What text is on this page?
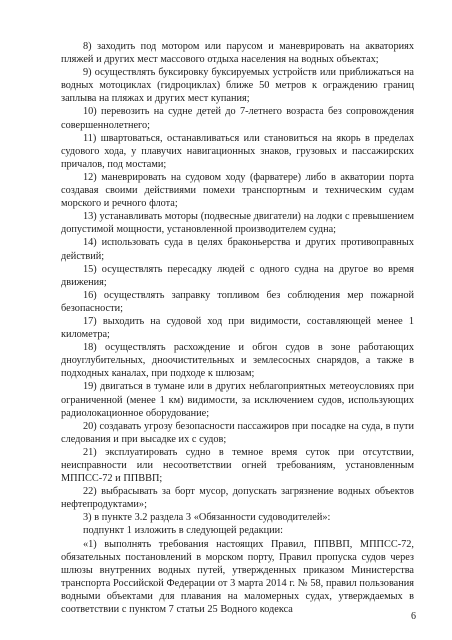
8) заходить под мотором или парусом и маневрировать на акваториях пляжей и других мест массового отдыха населения на водных объектах;

9) осуществлять буксировку буксируемых устройств или приближаться на водных мотоциклах (гидроциклах) ближе 50 метров к ограждению границ заплыва на пляжах и других мест купания;

10) перевозить на судне детей до 7-летнего возраста без сопровождения совершеннолетнего;

11) швартоваться, останавливаться или становиться на якорь в пределах судового хода, у плавучих навигационных знаков, грузовых и пассажирских причалов, под мостами;

12) маневрировать на судовом ходу (фарватере) либо в акватории порта создавая своими действиями помехи транспортным и техническим судам морского и речного флота;

13) устанавливать моторы (подвесные двигатели) на лодки с превышением допустимой мощности, установленной производителем судна;

14) использовать суда в целях браконьерства и других противоправных действий;

15) осуществлять пересадку людей с одного судна на другое во время движения;

16) осуществлять заправку топливом без соблюдения мер пожарной безопасности;

17) выходить на судовой ход при видимости, составляющей менее 1 километра;

18) осуществлять расхождение и обгон судов в зоне работающих дноуглубительных, дноочистительных и землесосных снарядов, а также в подходных каналах, при подходе к шлюзам;

19) двигаться в тумане или в других неблагоприятных метеоусловиях при ограниченной (менее 1 км) видимости, за исключением судов, использующих радиолокационное оборудование;

20) создавать угрозу безопасности пассажиров при посадке на суда, в пути следования и при высадке их с судов;

21) эксплуатировать судно в темное время суток при отсутствии, неисправности или несоответствии огней требованиям, установленным МППСС-72 и ППВВП;

22) выбрасывать за борт мусор, допускать загрязнение водных объектов нефтепродуктами»;

3) в пункте 3.2 раздела 3 «Обязанности судоводителей»:

подпункт 1 изложить в следующей редакции:

«1) выполнять требования настоящих Правил, ППВВП, МППСС-72, обязательных постановлений в морском порту, Правил пропуска судов через шлюзы внутренних водных путей, утвержденных приказом Министерства транспорта Российской Федерации от 3 марта 2014 г. № 58, правил пользования водными объектами для плавания на маломерных судах, утверждаемых в соответствии с пунктом 7 статьи 25 Водного кодекса

6
